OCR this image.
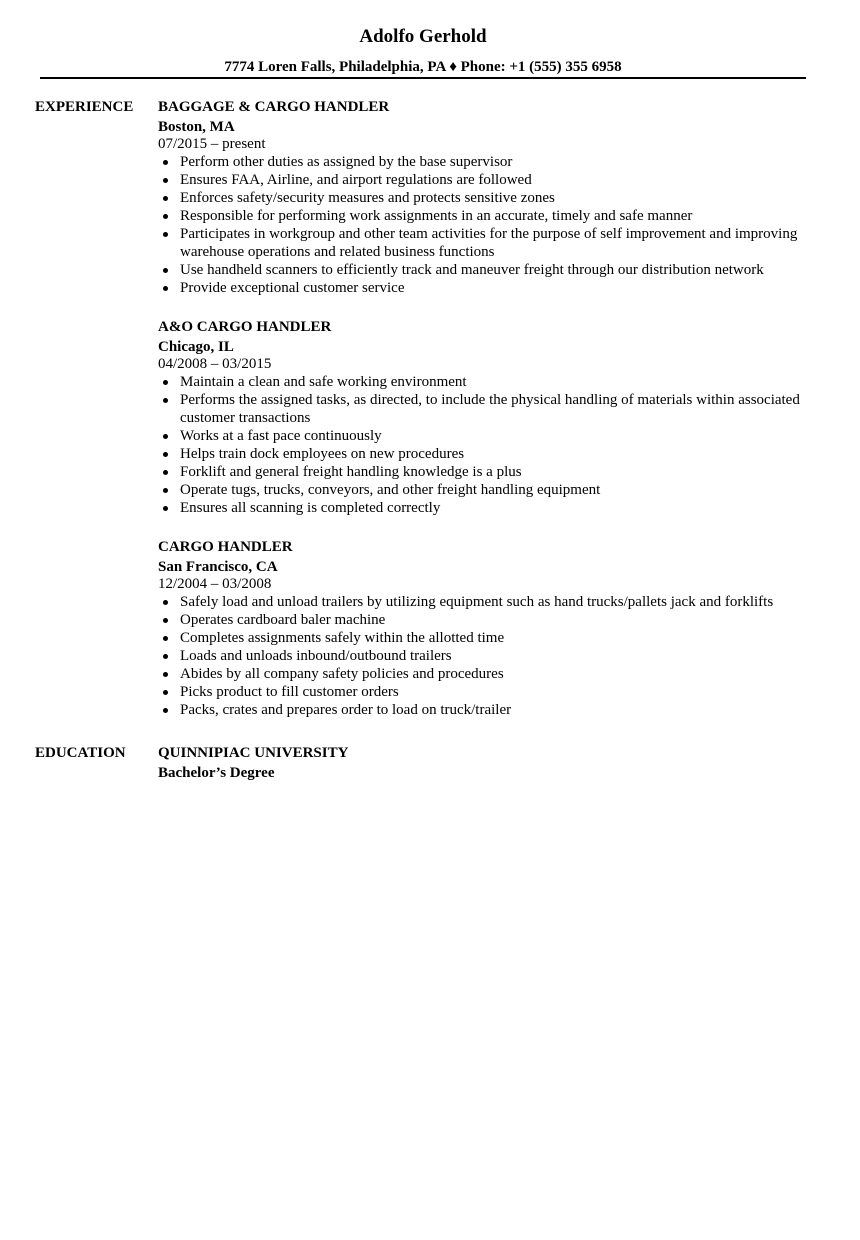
Adolfo Gerhold
7774 Loren Falls, Philadelphia, PA ♦ Phone: +1 (555) 355 6958
EXPERIENCE BAGGAGE & CARGO HANDLER
Boston, MA
07/2015 – present
Perform other duties as assigned by the base supervisor
Ensures FAA, Airline, and airport regulations are followed
Enforces safety/security measures and protects sensitive zones
Responsible for performing work assignments in an accurate, timely and safe manner
Participates in workgroup and other team activities for the purpose of self improvement and improving warehouse operations and related business functions
Use handheld scanners to efficiently track and maneuver freight through our distribution network
Provide exceptional customer service
A&O CARGO HANDLER
Chicago, IL
04/2008 – 03/2015
Maintain a clean and safe working environment
Performs the assigned tasks, as directed, to include the physical handling of materials within associated customer transactions
Works at a fast pace continuously
Helps train dock employees on new procedures
Forklift and general freight handling knowledge is a plus
Operate tugs, trucks, conveyors, and other freight handling equipment
Ensures all scanning is completed correctly
CARGO HANDLER
San Francisco, CA
12/2004 – 03/2008
Safely load and unload trailers by utilizing equipment such as hand trucks/pallets jack and forklifts
Operates cardboard baler machine
Completes assignments safely within the allotted time
Loads and unloads inbound/outbound trailers
Abides by all company safety policies and procedures
Picks product to fill customer orders
Packs, crates and prepares order to load on truck/trailer
EDUCATION QUINNIPIAC UNIVERSITY
Bachelor’s Degree
